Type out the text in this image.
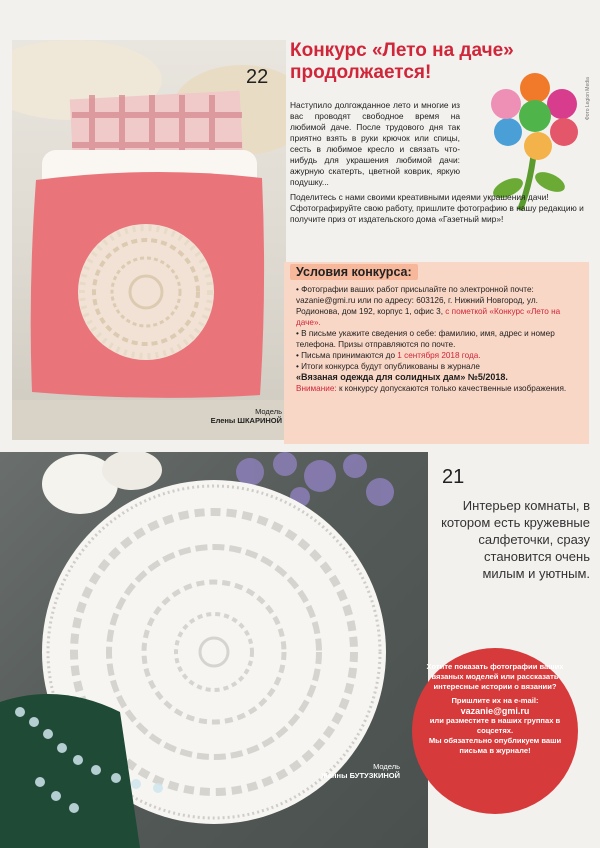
22
Модель
Елены ШКАРИНОЙ
Конкурс «Лето на даче»
продолжается!
Наступило долгожданное лето и многие из вас проводят свободное время на любимой даче. После трудового дня так приятно взять в руки крючок или спицы, сесть в любимое кресло и связать что-нибудь для украшения любимой дачи: ажурную скатерть, цветной коврик, яркую подушку...
Фото Legion Media
Поделитесь с нами своими креативными идеями украшения дачи! Сфотографируйте свою работу, пришлите фотографию в нашу редакцию и получите приз от издательского дома «Газетный мир»!
Условия конкурса:
• Фотографии ваших работ присылайте по электронной почте: vazanie@gmi.ru или по адресу: 603126, г. Нижний Новгород, ул. Родионова, дом 192, корпус 1, офис 3, с пометкой «Конкурс «Лето на даче».
• В письме укажите сведения о себе: фамилию, имя, адрес и номер телефона. Призы отправляются по почте.
• Письма принимаются до 1 сентября 2018 года.
• Итоги конкурса будут опубликованы в журнале
«Вязаная одежда для солидных дам» №5/2018.
Внимание: к конкурсу допускаются только качественные изображения.
Модель
Жанны БУТУЗКИНОЙ
21
Интерьер комнаты, в котором есть кружевные салфеточки, сразу становится очень милым и уютным.
Хотите показать фотографии ваших вязаных моделей или рассказать интересные истории о вязании?
Пришлите их на e-mail:
vazanie@gmi.ru
или разместите в наших группах в соцсетях.
Мы обязательно опубликуем ваши письма в журнале!
